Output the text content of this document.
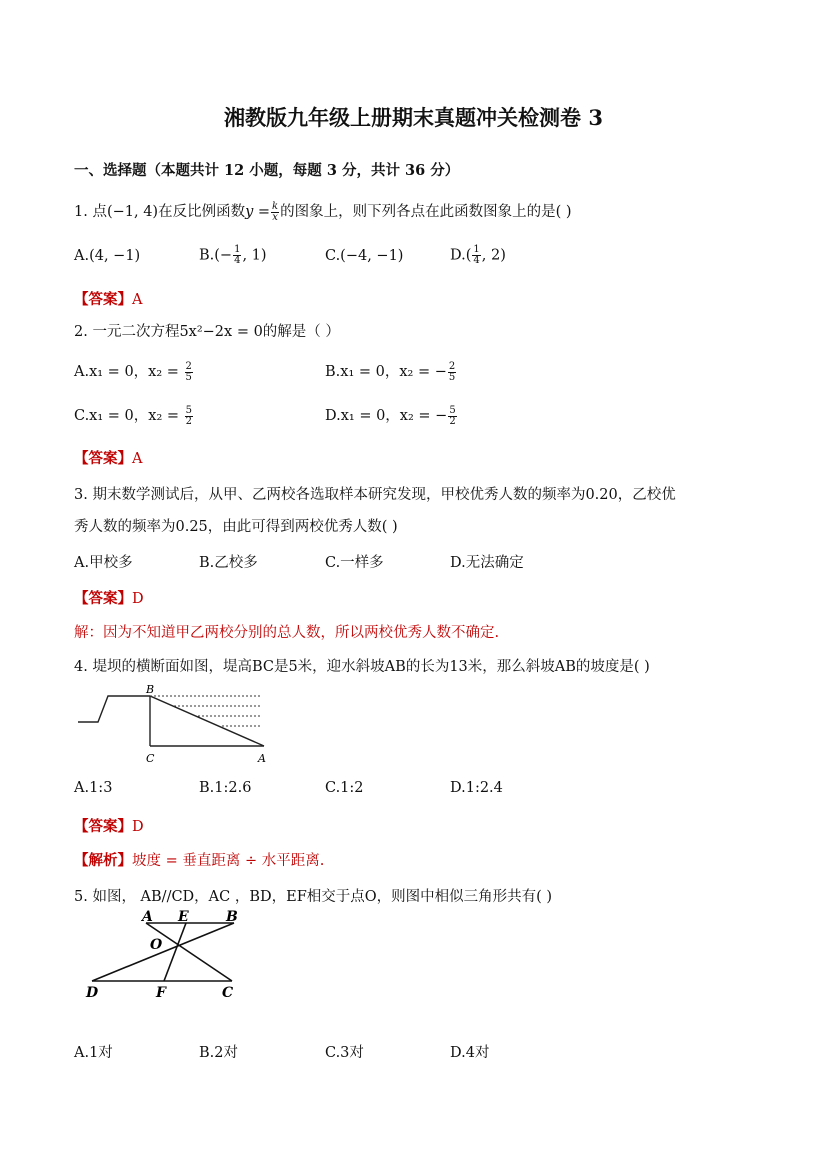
湘教版九年级上册期末真题冲关检测卷 3
一、选择题（本题共计 12 小题，每题 3 分，共计 36 分）
1. 点(−1, 4)在反比例函数$y = \frac{k}{x}$ 的图象上，则下列各点在此函数图象上的是( )
A.(4, −1)	$B.(- \frac{1}{4}$ , 1)	C.(−4, −1)	$D.( \frac{1}{4}$ , 2)
【答案】A
2. 一元二次方程5x²−2x = 0的解是（ ）
A.x₁ = 0，$x_2 = \frac{2}{5}$	B.x₁ = 0，x₂ = − $\frac{2}{5}$
C.x₁ = 0，$x_2 = \frac{5}{2}$	D.x₁ = 0，x₂ = − $\frac{5}{2}$
【答案】A
3. 期末数学测试后，从甲、乙两校各选取样本研究发现，甲校优秀人数的频率为0.20，乙校优
秀人数的频率为0.25，由此可得到两校优秀人数( )
A.甲校多	B.乙校多	C.一样多	D.无法确定
【答案】D
解：因为不知道甲乙两校分别的总人数，所以两校优秀人数不确定.
4. 堤坝的横断面如图，堤高BC是5米，迎水斜坡AB的长为13米，那么斜坡AB的坡度是( )
B
C	A
A.1:3	B.1:2.6	C.1:2	D.1:2.4
【答案】D
【解析】坡度 = 垂直距离 ÷ 水平距离.
5. 如图， AB//CD，AC ，BD，EF相交于点O，则图中相似三角形共有( )
A E	B
O
D	F	C
A.1对	B.2对	C.3对	D.4对
